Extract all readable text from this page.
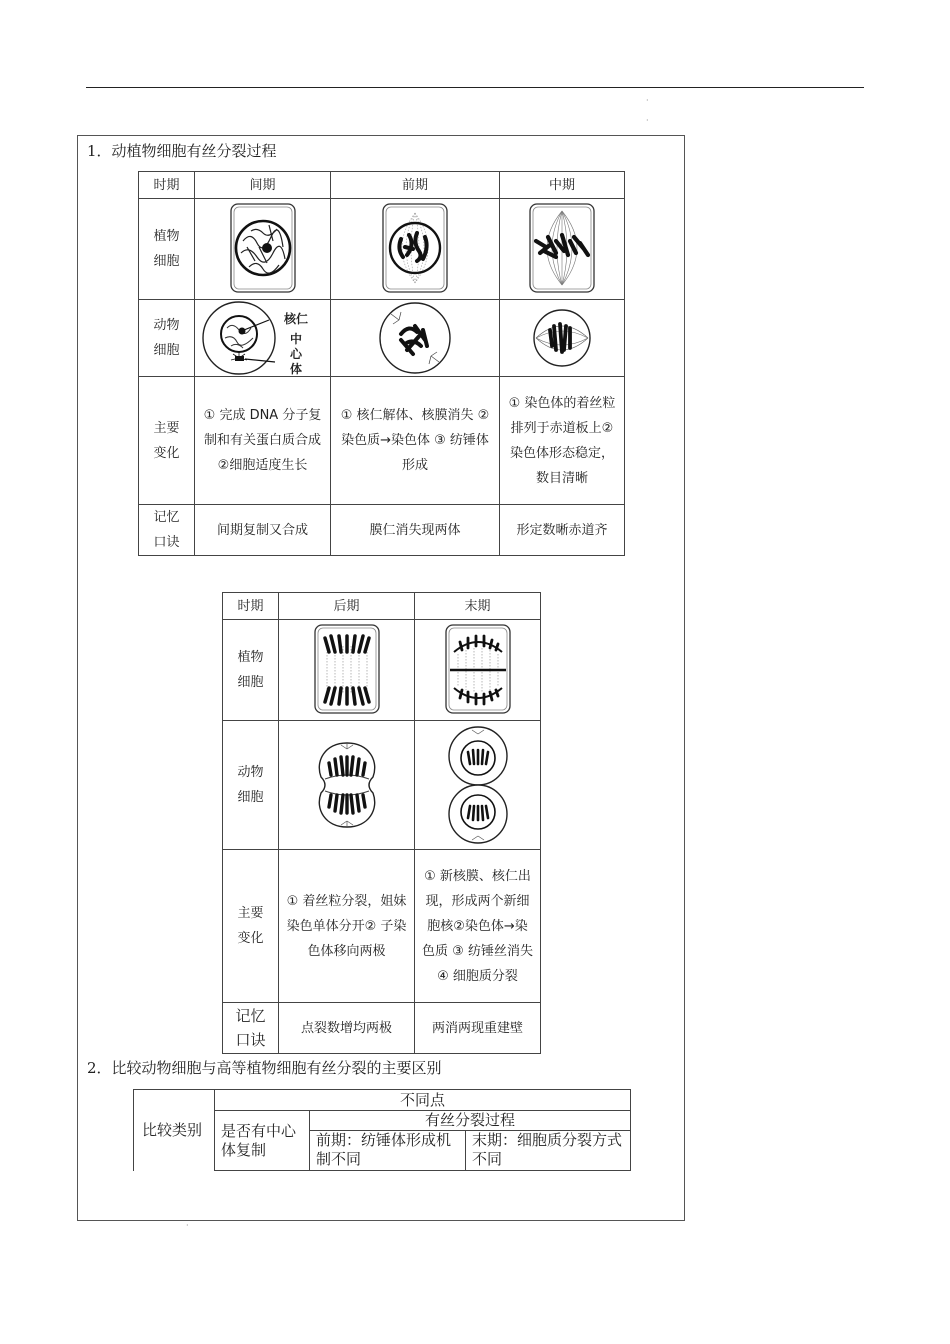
·
·
·
1．动植物细胞有丝分裂过程
时期	间期	前期	中期

植物细胞

动物细胞	核仁
中心体

主要变化	① 完成 DNA 分子复制和有关蛋白质合成②细胞适度生长	① 核仁解体、核膜消失 ②染色质→染色体 ③ 纺锤体形成	① 染色体的着丝粒排列于赤道板上②染色体形态稳定，数目清晰

记忆口诀	间期复制又合成	膜仁消失现两体	形定数晰赤道齐
时期	后期	末期

植物细胞

动物细胞

主要变化	① 着丝粒分裂，姐妹染色单体分开② 子染色体移向两极	① 新核膜、核仁出现，形成两个新细胞核②染色体→染色质 ③ 纺锤丝消失 ④ 细胞质分裂

记忆口诀	点裂数增均两极	两消两现重建壁
2．比较动物细胞与高等植物细胞有丝分裂的主要区别
比较类别	不同点		
	是否有中心体复制	有丝分裂过程	
		前期：纺锤体形成机制不同	末期：细胞质分裂方式不同
